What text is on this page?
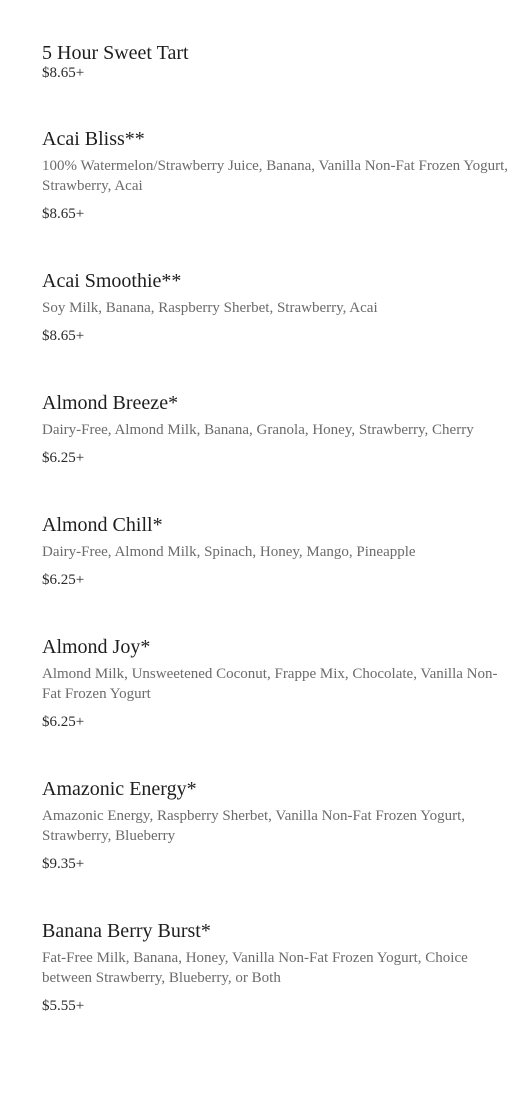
5 Hour Sweet Tart
$8.65+
Acai Bliss**
100% Watermelon/Strawberry Juice, Banana, Vanilla Non-Fat Frozen Yogurt, Strawberry, Acai
$8.65+
Acai Smoothie**
Soy Milk, Banana, Raspberry Sherbet, Strawberry, Acai
$8.65+
Almond Breeze*
Dairy-Free, Almond Milk, Banana, Granola, Honey, Strawberry, Cherry
$6.25+
Almond Chill*
Dairy-Free, Almond Milk, Spinach, Honey, Mango, Pineapple
$6.25+
Almond Joy*
Almond Milk, Unsweetened Coconut, Frappe Mix, Chocolate, Vanilla Non-Fat Frozen Yogurt
$6.25+
Amazonic Energy*
Amazonic Energy, Raspberry Sherbet, Vanilla Non-Fat Frozen Yogurt, Strawberry, Blueberry
$9.35+
Banana Berry Burst*
Fat-Free Milk, Banana, Honey, Vanilla Non-Fat Frozen Yogurt, Choice between Strawberry, Blueberry, or Both
$5.55+
